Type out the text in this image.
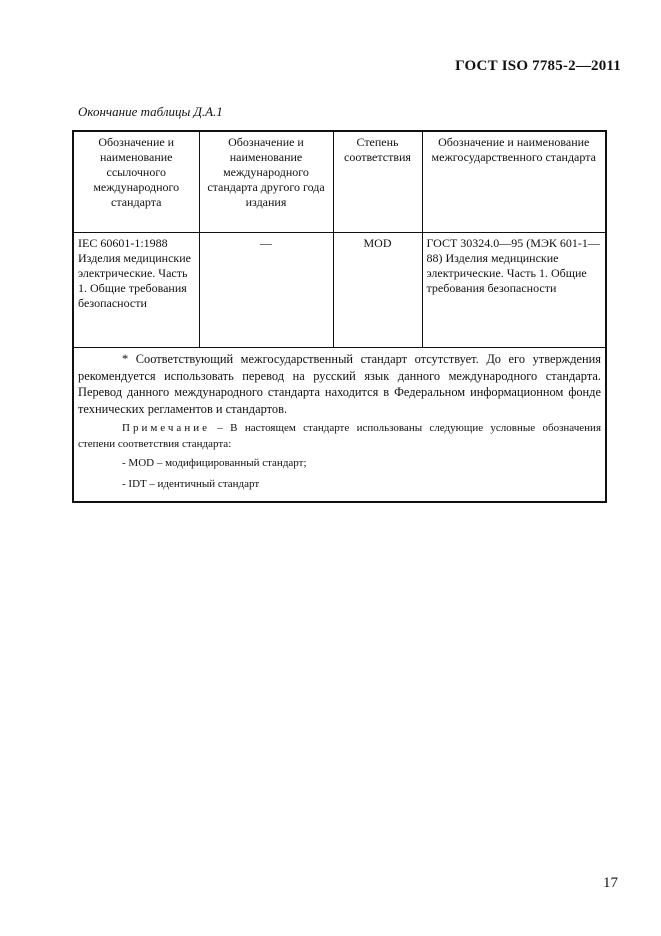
ГОСТ ISO 7785-2—2011
Окончание таблицы Д.А.1
Обозначение и наименование ссылочного международного стандарта	Обозначение и наименование международного стандарта другого года издания	Степень соответствия	Обозначение и наименование межгосударственного стандарта
IEC 60601-1:1988 Изделия медицинские электрические. Часть 1. Общие требования безопасности	—	MOD	ГОСТ 30324.0—95 (МЭК 601-1—88) Изделия медицинские электрические. Часть 1. Общие требования безопасности

* Соответствующий межгосударственный стандарт отсутствует. До его утверждения рекомендуется использовать перевод на русский язык данного международного стандарта. Перевод данного международного стандарта находится в Федеральном информационном фонде технических регламентов и стандартов.

Примечание – В настоящем стандарте использованы следующие условные обозначения степени соответствия стандарта:

- MOD – модифицированный стандарт;
- IDT – идентичный стандарт			
17
